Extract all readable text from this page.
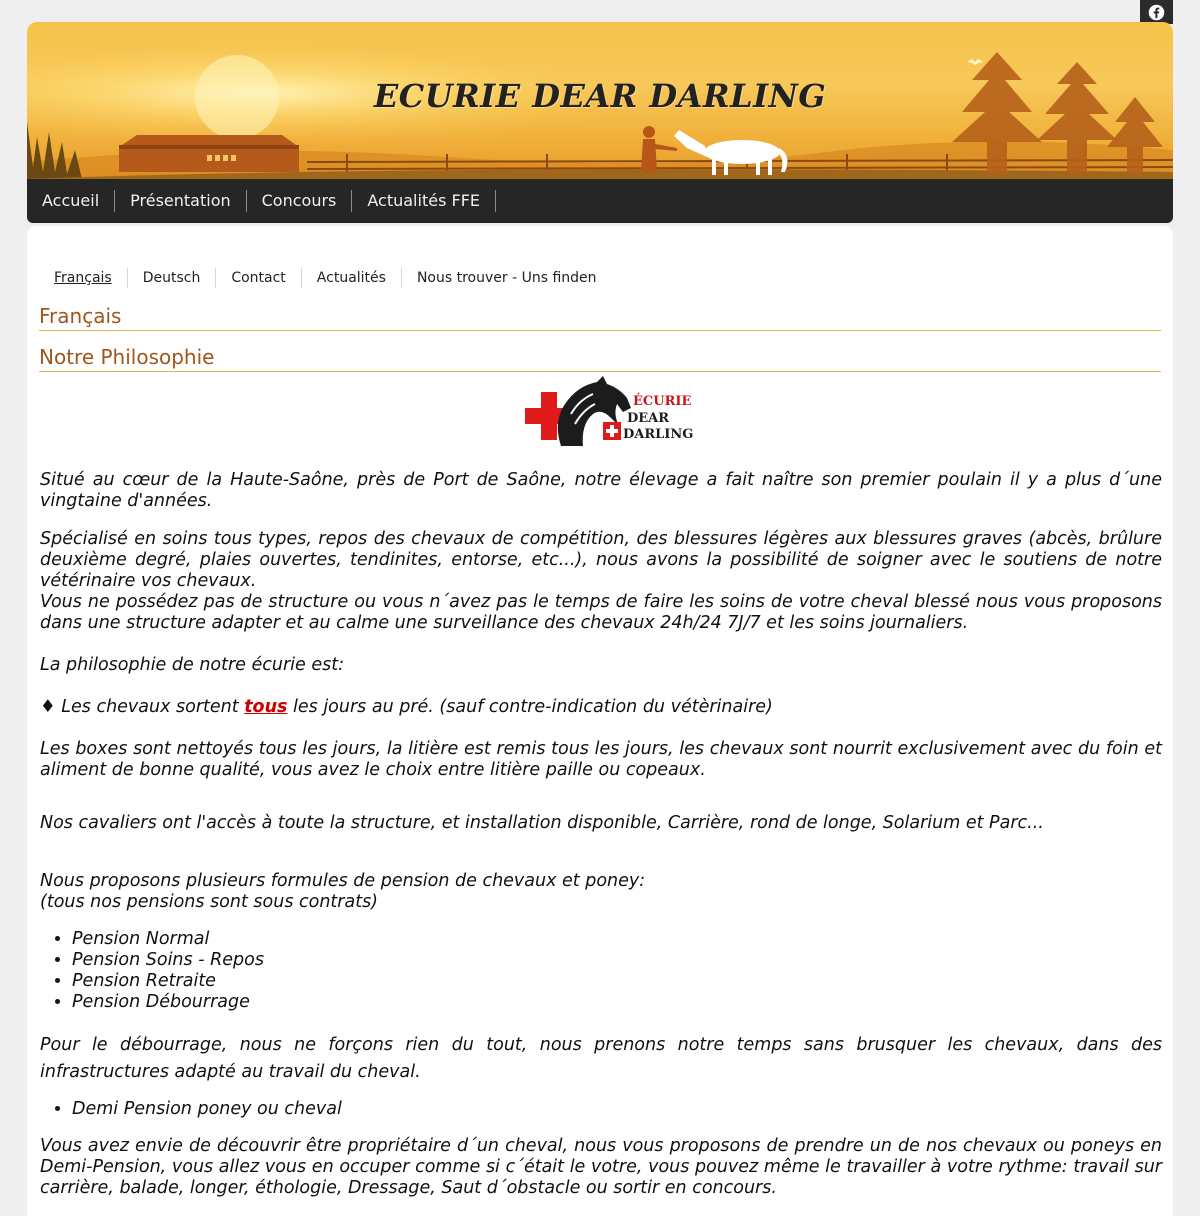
ECURIE DEAR DARLING
Accueil	Présentation	Concours	Actualités FFE
Français	Deutsch	Contact	Actualités	Nous trouver - Uns finden
Français
Notre Philosophie
ÉCURIE
DEAR
DARLING
Situé au cœur de la Haute-Saône, près de Port de Saône, notre élevage a fait naître son premier poulain il y a plus d´une vingtaine d'années.

Spécialisé en soins tous types, repos des chevaux de compétition, des blessures légères aux blessures graves (abcès, brûlure deuxième degré, plaies ouvertes, tendinites, entorse, etc...), nous avons la possibilité de soigner avec le soutiens de notre vétérinaire vos chevaux.

Vous ne possédez pas de structure ou vous n´avez pas le temps de faire les soins de votre cheval blessé nous vous proposons dans une structure adapter et au calme une surveillance des chevaux 24h/24 7J/7 et les soins journaliers.

La philosophie de notre écurie est:
♦ Les chevaux sortent tous les jours au pré. (sauf contre-indication du vétèrinaire)
Les boxes sont nettoyés tous les jours, la litière est remis tous les jours, les chevaux sont nourrit exclusivement avec du foin et aliment de bonne qualité, vous avez le choix entre litière paille ou copeaux.
Nos cavaliers ont l'accès à toute la structure, et installation disponible, Carrière, rond de longe, Solarium et Parc...

Nous proposons plusieurs formules de pension de chevaux et poney:

(tous nos pensions sont sous contrats)

• Pension Normal
• Pension Soins - Repos
• Pension Retraite
• Pension Débourrage
Pour le débourrage, nous ne forçons rien du tout, nous prenons notre temps sans brusquer les chevaux, dans des infrastructures adapté au travail du cheval.
• Demi Pension poney ou cheval
Vous avez envie de découvrir être propriétaire d´un cheval, nous vous proposons de prendre un de nos chevaux ou poneys en Demi-Pension, vous allez vous en occuper comme si c´était le votre, vous pouvez même le travailler à votre rythme: travail sur carrière, balade, longer, éthologie, Dressage, Saut d´obstacle ou sortir en concours.
